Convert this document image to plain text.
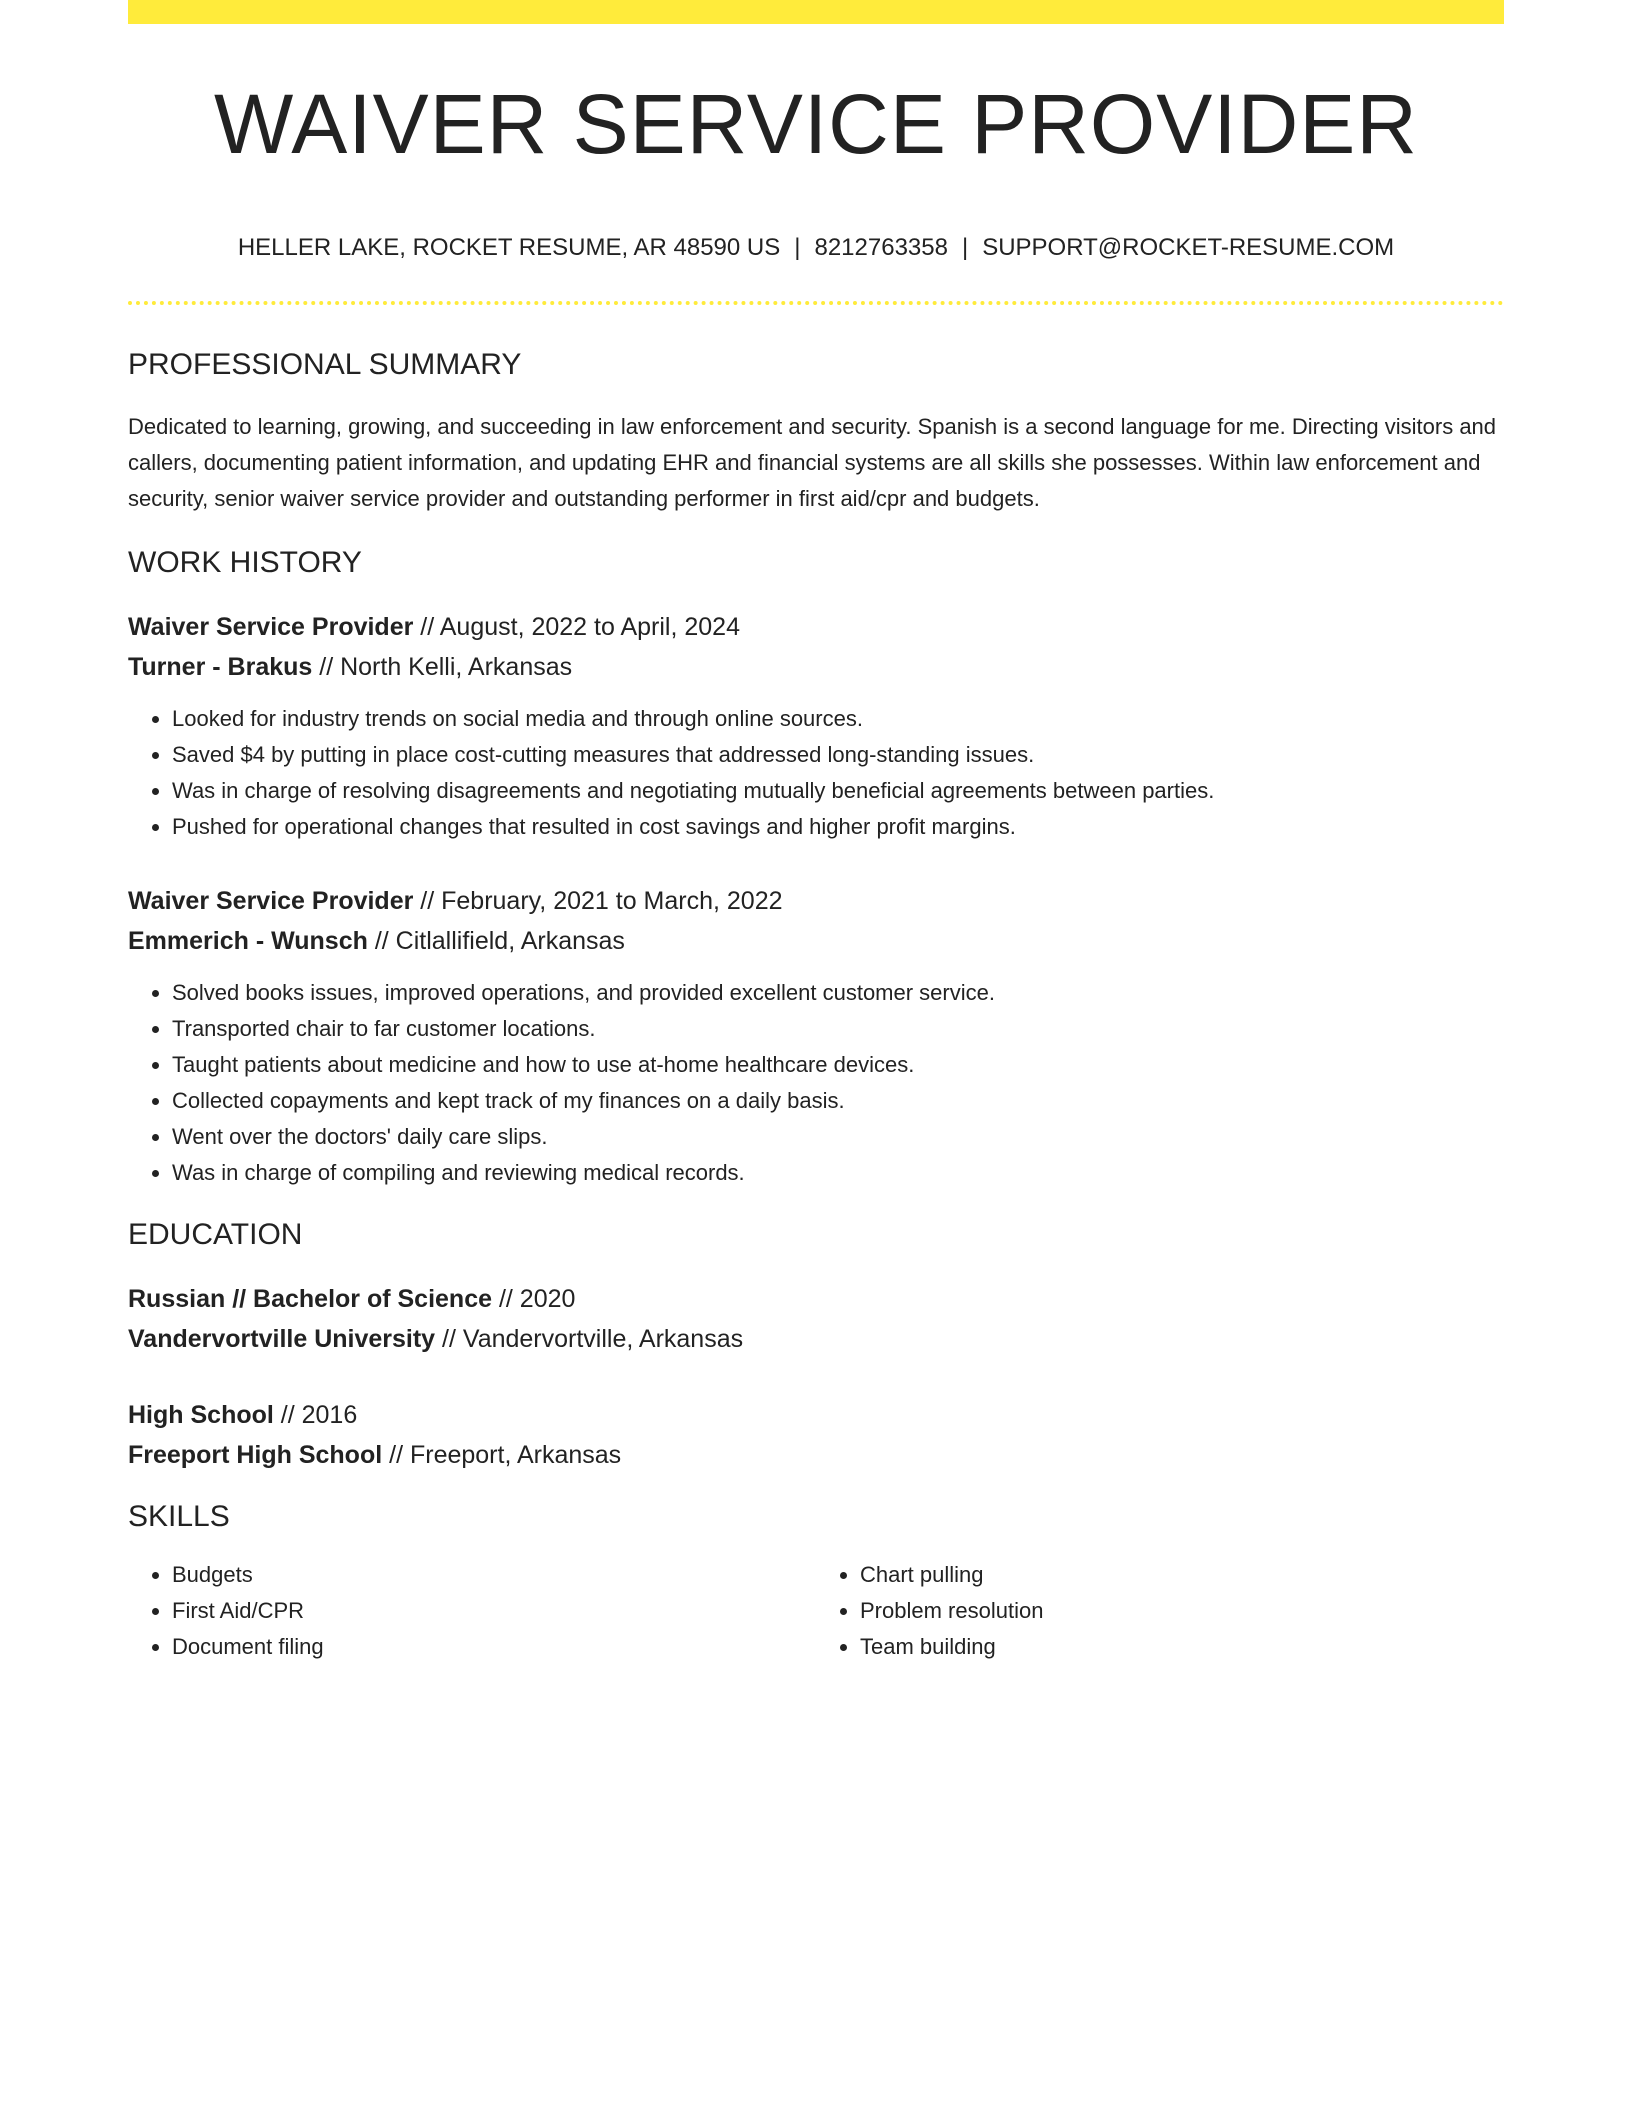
WAIVER SERVICE PROVIDER
HELLER LAKE, ROCKET RESUME, AR 48590 US | 8212763358 | SUPPORT@ROCKET-RESUME.COM
PROFESSIONAL SUMMARY
Dedicated to learning, growing, and succeeding in law enforcement and security. Spanish is a second language for me. Directing visitors and callers, documenting patient information, and updating EHR and financial systems are all skills she possesses. Within law enforcement and security, senior waiver service provider and outstanding performer in first aid/cpr and budgets.
WORK HISTORY
Waiver Service Provider // August, 2022 to April, 2024
Turner - Brakus // North Kelli, Arkansas
• Looked for industry trends on social media and through online sources.
• Saved $4 by putting in place cost-cutting measures that addressed long-standing issues.
• Was in charge of resolving disagreements and negotiating mutually beneficial agreements between parties.
• Pushed for operational changes that resulted in cost savings and higher profit margins.
Waiver Service Provider // February, 2021 to March, 2022
Emmerich - Wunsch // Citlallifield, Arkansas
• Solved books issues, improved operations, and provided excellent customer service.
• Transported chair to far customer locations.
• Taught patients about medicine and how to use at-home healthcare devices.
• Collected copayments and kept track of my finances on a daily basis.
• Went over the doctors' daily care slips.
• Was in charge of compiling and reviewing medical records.
EDUCATION
Russian // Bachelor of Science // 2020
Vandervortville University // Vandervortville, Arkansas
High School // 2016
Freeport High School // Freeport, Arkansas
SKILLS
• Budgets
• First Aid/CPR
• Document filing
• Chart pulling
• Problem resolution
• Team building
